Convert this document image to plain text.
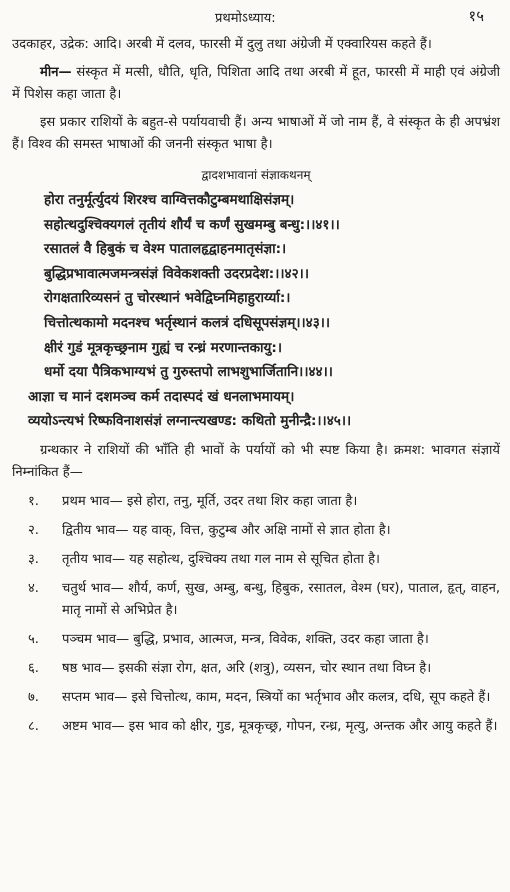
प्रथमोऽध्याय:	१५

उदकाहर, उद्रेक: आदि। अरबी में दलव, फारसी में दुलु तथा अंग्रेजी में एक्वारियस कहते हैं।

मीन— संस्कृत में मत्सी, धौति, धृति, पिशिता आदि तथा अरबी में हूत, फारसी में माही एवं अंग्रेजी में पिशेस कहा जाता है।

इस प्रकार राशियों के बहुत-से पर्यायवाची हैं। अन्य भाषाओं में जो नाम हैं, वे संस्कृत के ही अपभ्रंश हैं। विश्व की समस्त भाषाओं की जननी संस्कृत भाषा है।

द्वादशभावानां संज्ञाकथनम्
होरा तनुर्मूर्त्युदयं शिरश्च वाग्वित्तकौटुम्बमथाक्षिसंज्ञम्।
सहोत्थदुश्चिक्यगलं तृतीयं शौर्यं च कर्णं सुखमम्बु बन्धु:।।४१।।
रसातलं वै हिबुकं च वेश्म पातालहृद्वाहनमातृसंज्ञा:।
बुद्धिप्रभावात्मजमन्त्रसंज्ञं विवेकशक्ती उदरप्रदेश:।।४२।।
रोगक्षतारिव्यसनं तु चोरस्थानं भवेद्विघ्नमिहाहुरार्य्या:।
चित्तोत्थकामो मदनश्च भर्तृस्थानं कलत्रं दधिसूपसंज्ञम्।।४३।।
क्षीरं गुडं मूत्रकृच्छ्रनाम गुह्यं च रन्ध्रं मरणान्तकायु:।
धर्मो दया पैत्रिकभाग्यभं तु गुरुस्तपो लाभशुभार्जितानि।।४४।।
आज्ञा च मानं दशमञ्च कर्म तदास्पदं खं धनलाभमायम्।
व्ययोऽन्त्यभं रिष्फविनाशसंज्ञं लग्नान्त्यखण्ड: कथितो मुनीन्द्रै:।।४५।।

ग्रन्थकार ने राशियों की भाँति ही भावों के पर्यायों को भी स्पष्ट किया है। क्रमश: भावगत संज्ञायें निम्नांकित हैं—

१.	प्रथम भाव— इसे होरा, तनु, मूर्ति, उदर तथा शिर कहा जाता है।
२.	द्वितीय भाव— यह वाक्, वित्त, कुटुम्ब और अक्षि नामों से ज्ञात होता है।
३.	तृतीय भाव— यह सहोत्थ, दुश्चिक्य तथा गल नाम से सूचित होता है।
४.	चतुर्थ भाव— शौर्य, कर्ण, सुख, अम्बु, बन्धु, हिबुक, रसातल, वेश्म (घर), पाताल, हृत्, वाहन, मातृ नामों से अभिप्रेत है।
५.	पञ्चम भाव— बुद्धि, प्रभाव, आत्मज, मन्त्र, विवेक, शक्ति, उदर कहा जाता है।
६.	षष्ठ भाव— इसकी संज्ञा रोग, क्षत, अरि (शत्रु), व्यसन, चोर स्थान तथा विघ्न है।
७.	सप्तम भाव— इसे चित्तोत्थ, काम, मदन, स्त्रियों का भर्तृभाव और कलत्र, दधि, सूप कहते हैं।
८.	अष्टम भाव— इस भाव को क्षीर, गुड, मूत्रकृच्छ्र, गोपन, रन्ध्र, मृत्यु, अन्तक और आयु कहते हैं।
